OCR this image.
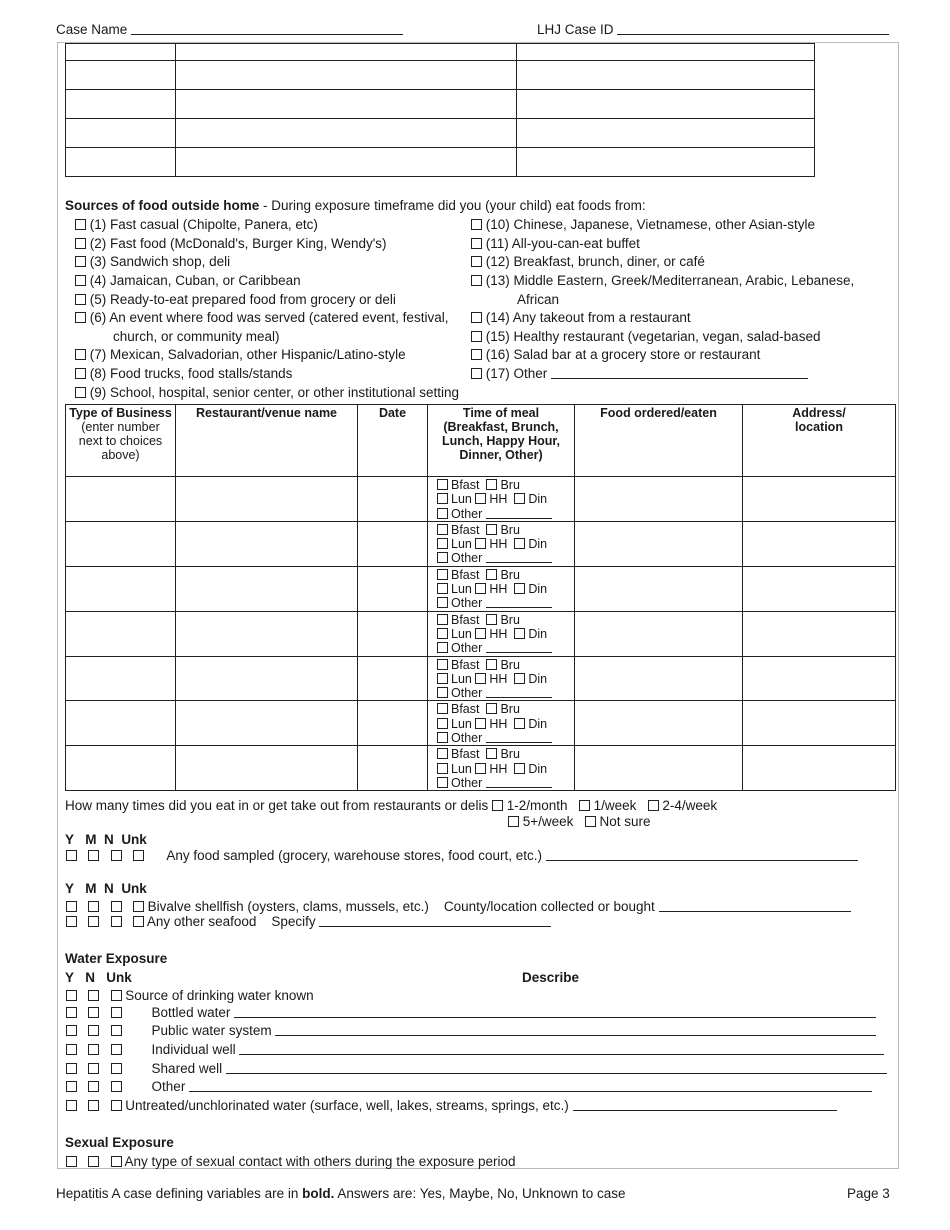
Case Name	LHJ Case ID

Sources of food outside home - During exposure timeframe did you (your child) eat foods from:
(1) Fast casual (Chipolte, Panera, etc)
(2) Fast food (McDonald's, Burger King, Wendy's)
(3) Sandwich shop, deli
(4) Jamaican, Cuban, or Caribbean
(5) Ready-to-eat prepared food from grocery or deli
(6) An event where food was served (catered event, festival,
church, or community meal)
(7) Mexican, Salvadorian, other Hispanic/Latino-style
(8) Food trucks, food stalls/stands
(9) School, hospital, senior center, or other institutional setting
(10) Chinese, Japanese, Vietnamese, other Asian-style
(11) All-you-can-eat buffet
(12) Breakfast, brunch, diner, or café
(13) Middle Eastern, Greek/Mediterranean, Arabic, Lebanese,
African
(14) Any takeout from a restaurant
(15) Healthy restaurant (vegetarian, vegan, salad-based
(16) Salad bar at a grocery store or restaurant
(17) Other
Type of Business
(enter number next to choices above)	Restaurant/venue name	Date	Time of meal (Breakfast, Brunch, Lunch, Happy Hour, Dinner, Other)	Food ordered/eaten	Address/ location

			Bfast Bru
Lun HH Din
Other		

			Bfast Bru
Lun HH Din
Other		

			Bfast Bru
Lun HH Din
Other		

			Bfast Bru
Lun HH Din
Other		

			Bfast Bru
Lun HH Din
Other		

			Bfast Bru
Lun HH Din
Other		

			Bfast Bru
Lun HH Din
Other		

How many times did you eat in or get take out from restaurants or delis 1-2/month 1/week 2-4/week
5+/week Not sure
Y M N Unk
Any food sampled (grocery, warehouse stores, food court, etc.)
Y M N Unk
Bivalve shellfish (oysters, clams, mussels, etc.) County/location collected or bought
Any other seafood Specify
Water Exposure
Y N Unk	Describe
Source of drinking water known
Bottled water
Public water system
Individual well
Shared well
Other
Untreated/unchlorinated water (surface, well, lakes, streams, springs, etc.)
Sexual Exposure
Any type of sexual contact with others during the exposure period
Hepatitis A case defining variables are in bold. Answers are: Yes, Maybe, No, Unknown to case	Page 3
